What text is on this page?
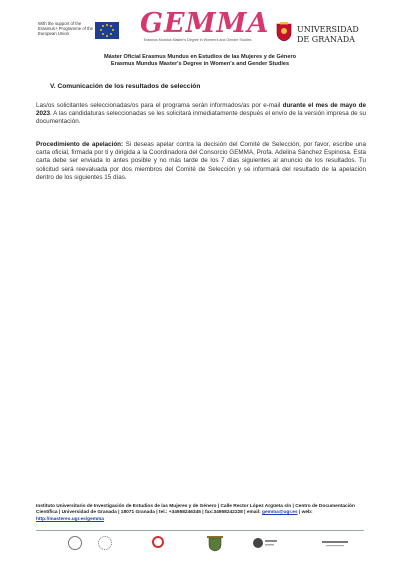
With the support of the Erasmus+ Programme of the European Union	GEMMA
Erasmus Mundus Master's Degree in Women's and Gender Studies
UNIVERSIDAD
DE GRANADA
Máster Oficial Erasmus Mundus en Estudios de las Mujeres y de Género
Erasmus Mundus Master's Degree in Women's and Gender Studies
V. Comunicación de los resultados de selección
Las/os solicitantes seleccionadas/os para el programa serán informados/as por e-mail durante el mes de mayo de 2023. A las candidaturas seleccionadas se les solicitará inmediatamente después el envío de la versión impresa de su documentación.
Procedimiento de apelación: Si deseas apelar contra la decisión del Comité de Selección, por favor, escribe una carta oficial, firmada por ti y dirigida a la Coordinadora del Consorcio GEMMA, Profa. Adelina Sánchez Espinosa. Esta carta debe ser enviada lo antes posible y no más tarde de los 7 días siguientes al anuncio de los resultados. Tu solicitud será reevaluada por dos miembros del Comité de Selección y se informará del resultado de la apelación dentro de los siguientes 15 días.
Instituto Universitario de Investigación de Estudios de las Mujeres y de Género | Calle Rector López Argüeta s/n | Centro de Documentación Científica | Universidad de Granada | 18071 Granada | tel.: +34958246345 | fax:34958242228 | email: gemma@ugr.es | web: http://masteres.ugr.es/gemma
